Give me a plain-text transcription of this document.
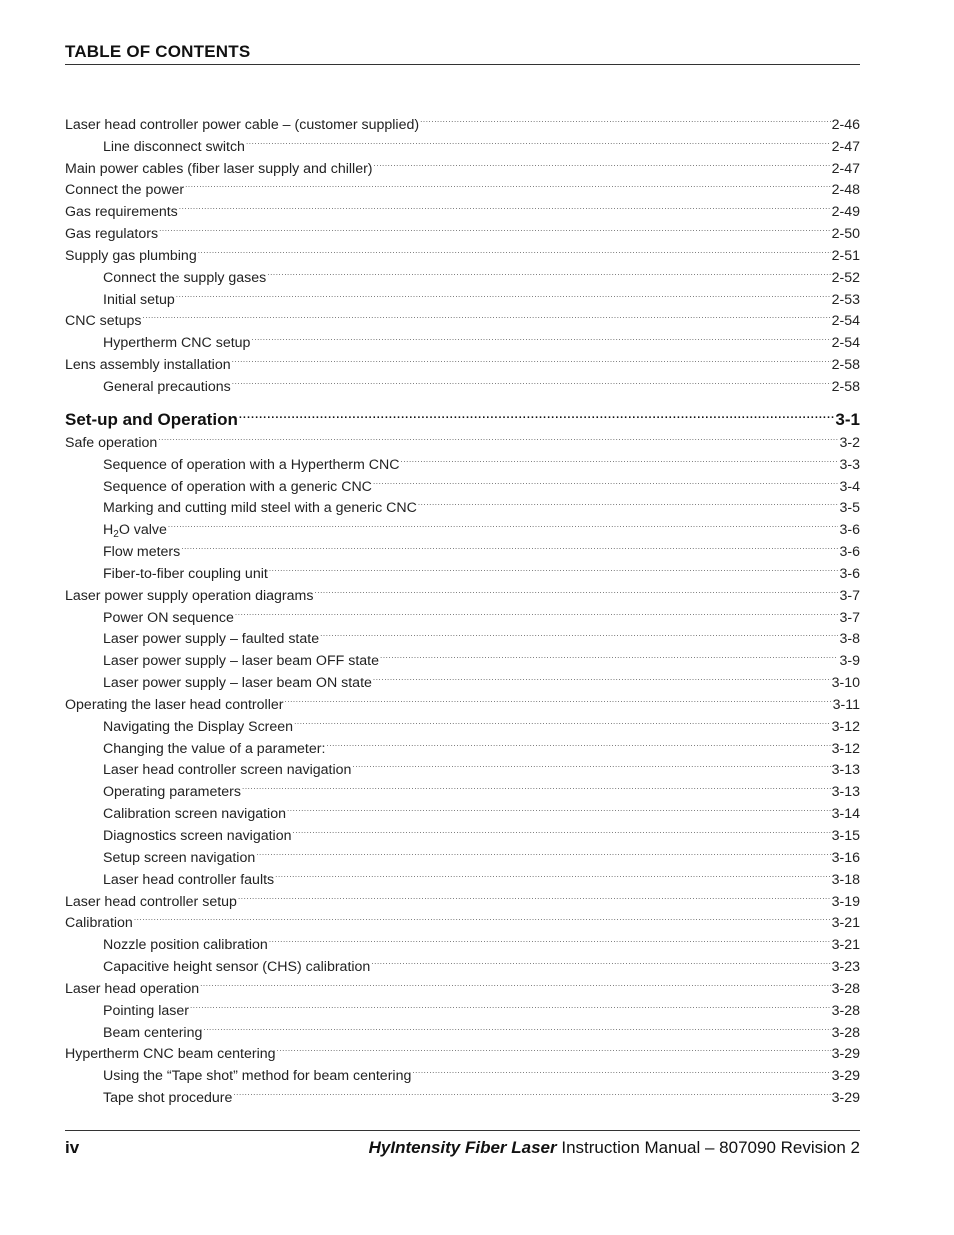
TABLE OF CONTENTS
Laser head controller power cable – (customer supplied) .....	2-46
Line disconnect switch .....	2-47
Main power cables (fiber laser supply and chiller) .....	2-47
Connect the power .....	2-48
Gas requirements .....	2-49
Gas regulators .....	2-50
Supply gas plumbing .....	2-51
Connect the supply gases .....	2-52
Initial setup .....	2-53
CNC setups .....	2-54
Hypertherm CNC setup .....	2-54
Lens assembly installation .....	2-58
General precautions .....	2-58
Set-up and Operation .....	3-1
Safe operation .....	3-2
Sequence of operation with a Hypertherm CNC .....	3-3
Sequence of operation with a generic CNC .....	3-4
Marking and cutting mild steel with a generic CNC .....	3-5
$H_2O$ valve .....	3-6
Flow meters .....	3-6
Fiber-to-fiber coupling unit .....	3-6
Laser power supply operation diagrams .....	3-7
Power ON sequence .....	3-7
Laser power supply – faulted state .....	3-8
Laser power supply – laser beam OFF state .....	3-9
Laser power supply – laser beam ON state .....	3-10
Operating the laser head controller .....	3-11
Navigating the Display Screen .....	3-12
Changing the value of a parameter: .....	3-12
Laser head controller screen navigation .....	3-13
Operating parameters .....	3-13
Calibration screen navigation .....	3-14
Diagnostics screen navigation .....	3-15
Setup screen navigation .....	3-16
Laser head controller faults .....	3-18
Laser head controller setup .....	3-19
Calibration .....	3-21
Nozzle position calibration .....	3-21
Capacitive height sensor (CHS) calibration .....	3-23
Laser head operation .....	3-28
Pointing laser .....	3-28
Beam centering .....	3-28
Hypertherm CNC beam centering .....	3-29
Using the “Tape shot” method for beam centering .....	3-29
Tape shot procedure .....	3-29
iv	HyIntensity Fiber Laser Instruction Manual – 807090 Revision 2
